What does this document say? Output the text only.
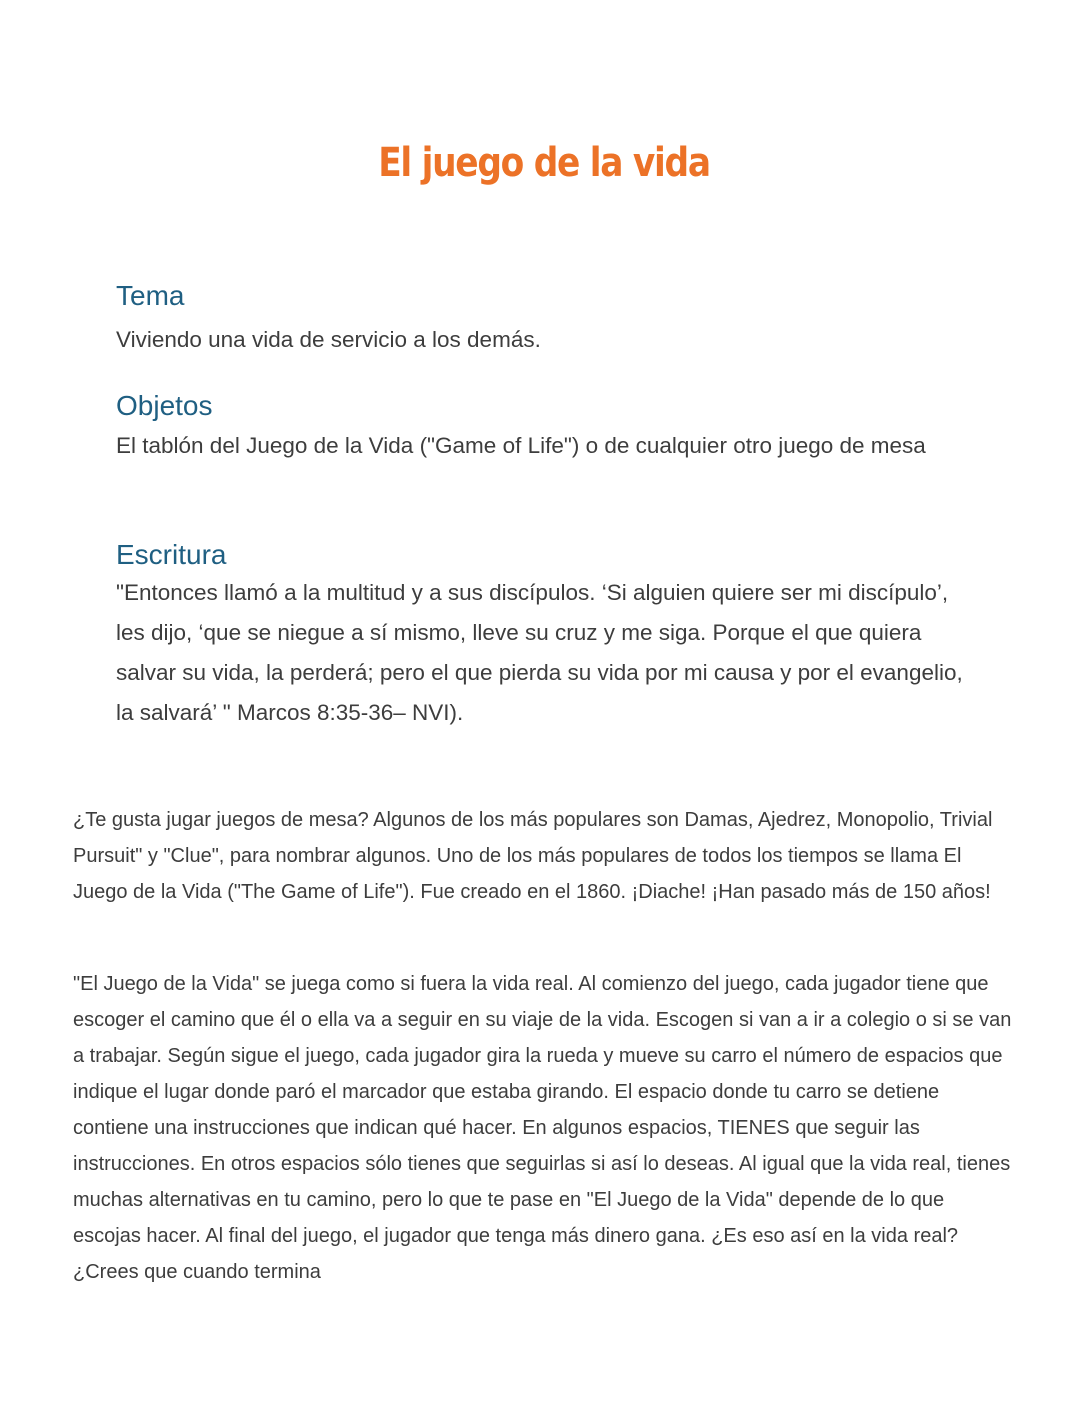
El juego de la vida
Tema

Viviendo una vida de servicio a los demás.

Objetos

El tablón del Juego de la Vida ("Game of Life") o de cualquier otro juego de mesa

Escritura

"Entonces llamó a la multitud y a sus discípulos. ‘Si alguien quiere ser mi discípulo’, les dijo, ‘que se niegue a sí mismo, lleve su cruz y me siga. Porque el que quiera salvar su vida, la perderá; pero el que pierda su vida por mi causa y por el evangelio, la salvará’ " Marcos 8:35-36– NVI).

¿Te gusta jugar juegos de mesa? Algunos de los más populares son Damas, Ajedrez, Monopolio, Trivial Pursuit" y "Clue", para nombrar algunos. Uno de los más populares de todos los tiempos se llama El Juego de la Vida ("The Game of Life"). Fue creado en el 1860. ¡Diache! ¡Han pasado más de 150 años!

"El Juego de la Vida" se juega como si fuera la vida real. Al comienzo del juego, cada jugador tiene que escoger el camino que él o ella va a seguir en su viaje de la vida. Escogen si van a ir a colegio o si se van a trabajar. Según sigue el juego, cada jugador gira la rueda y mueve su carro el número de espacios que indique el lugar donde paró el marcador que estaba girando. El espacio donde tu carro se detiene contiene una instrucciones que indican qué hacer. En algunos espacios, TIENES que seguir las instrucciones. En otros espacios sólo tienes que seguirlas si así lo deseas. Al igual que la vida real, tienes muchas alternativas en tu camino, pero lo que te pase en "El Juego de la Vida" depende de lo que escojas hacer. Al final del juego, el jugador que tenga más dinero gana. ¿Es eso así en la vida real? ¿Crees que cuando termina
